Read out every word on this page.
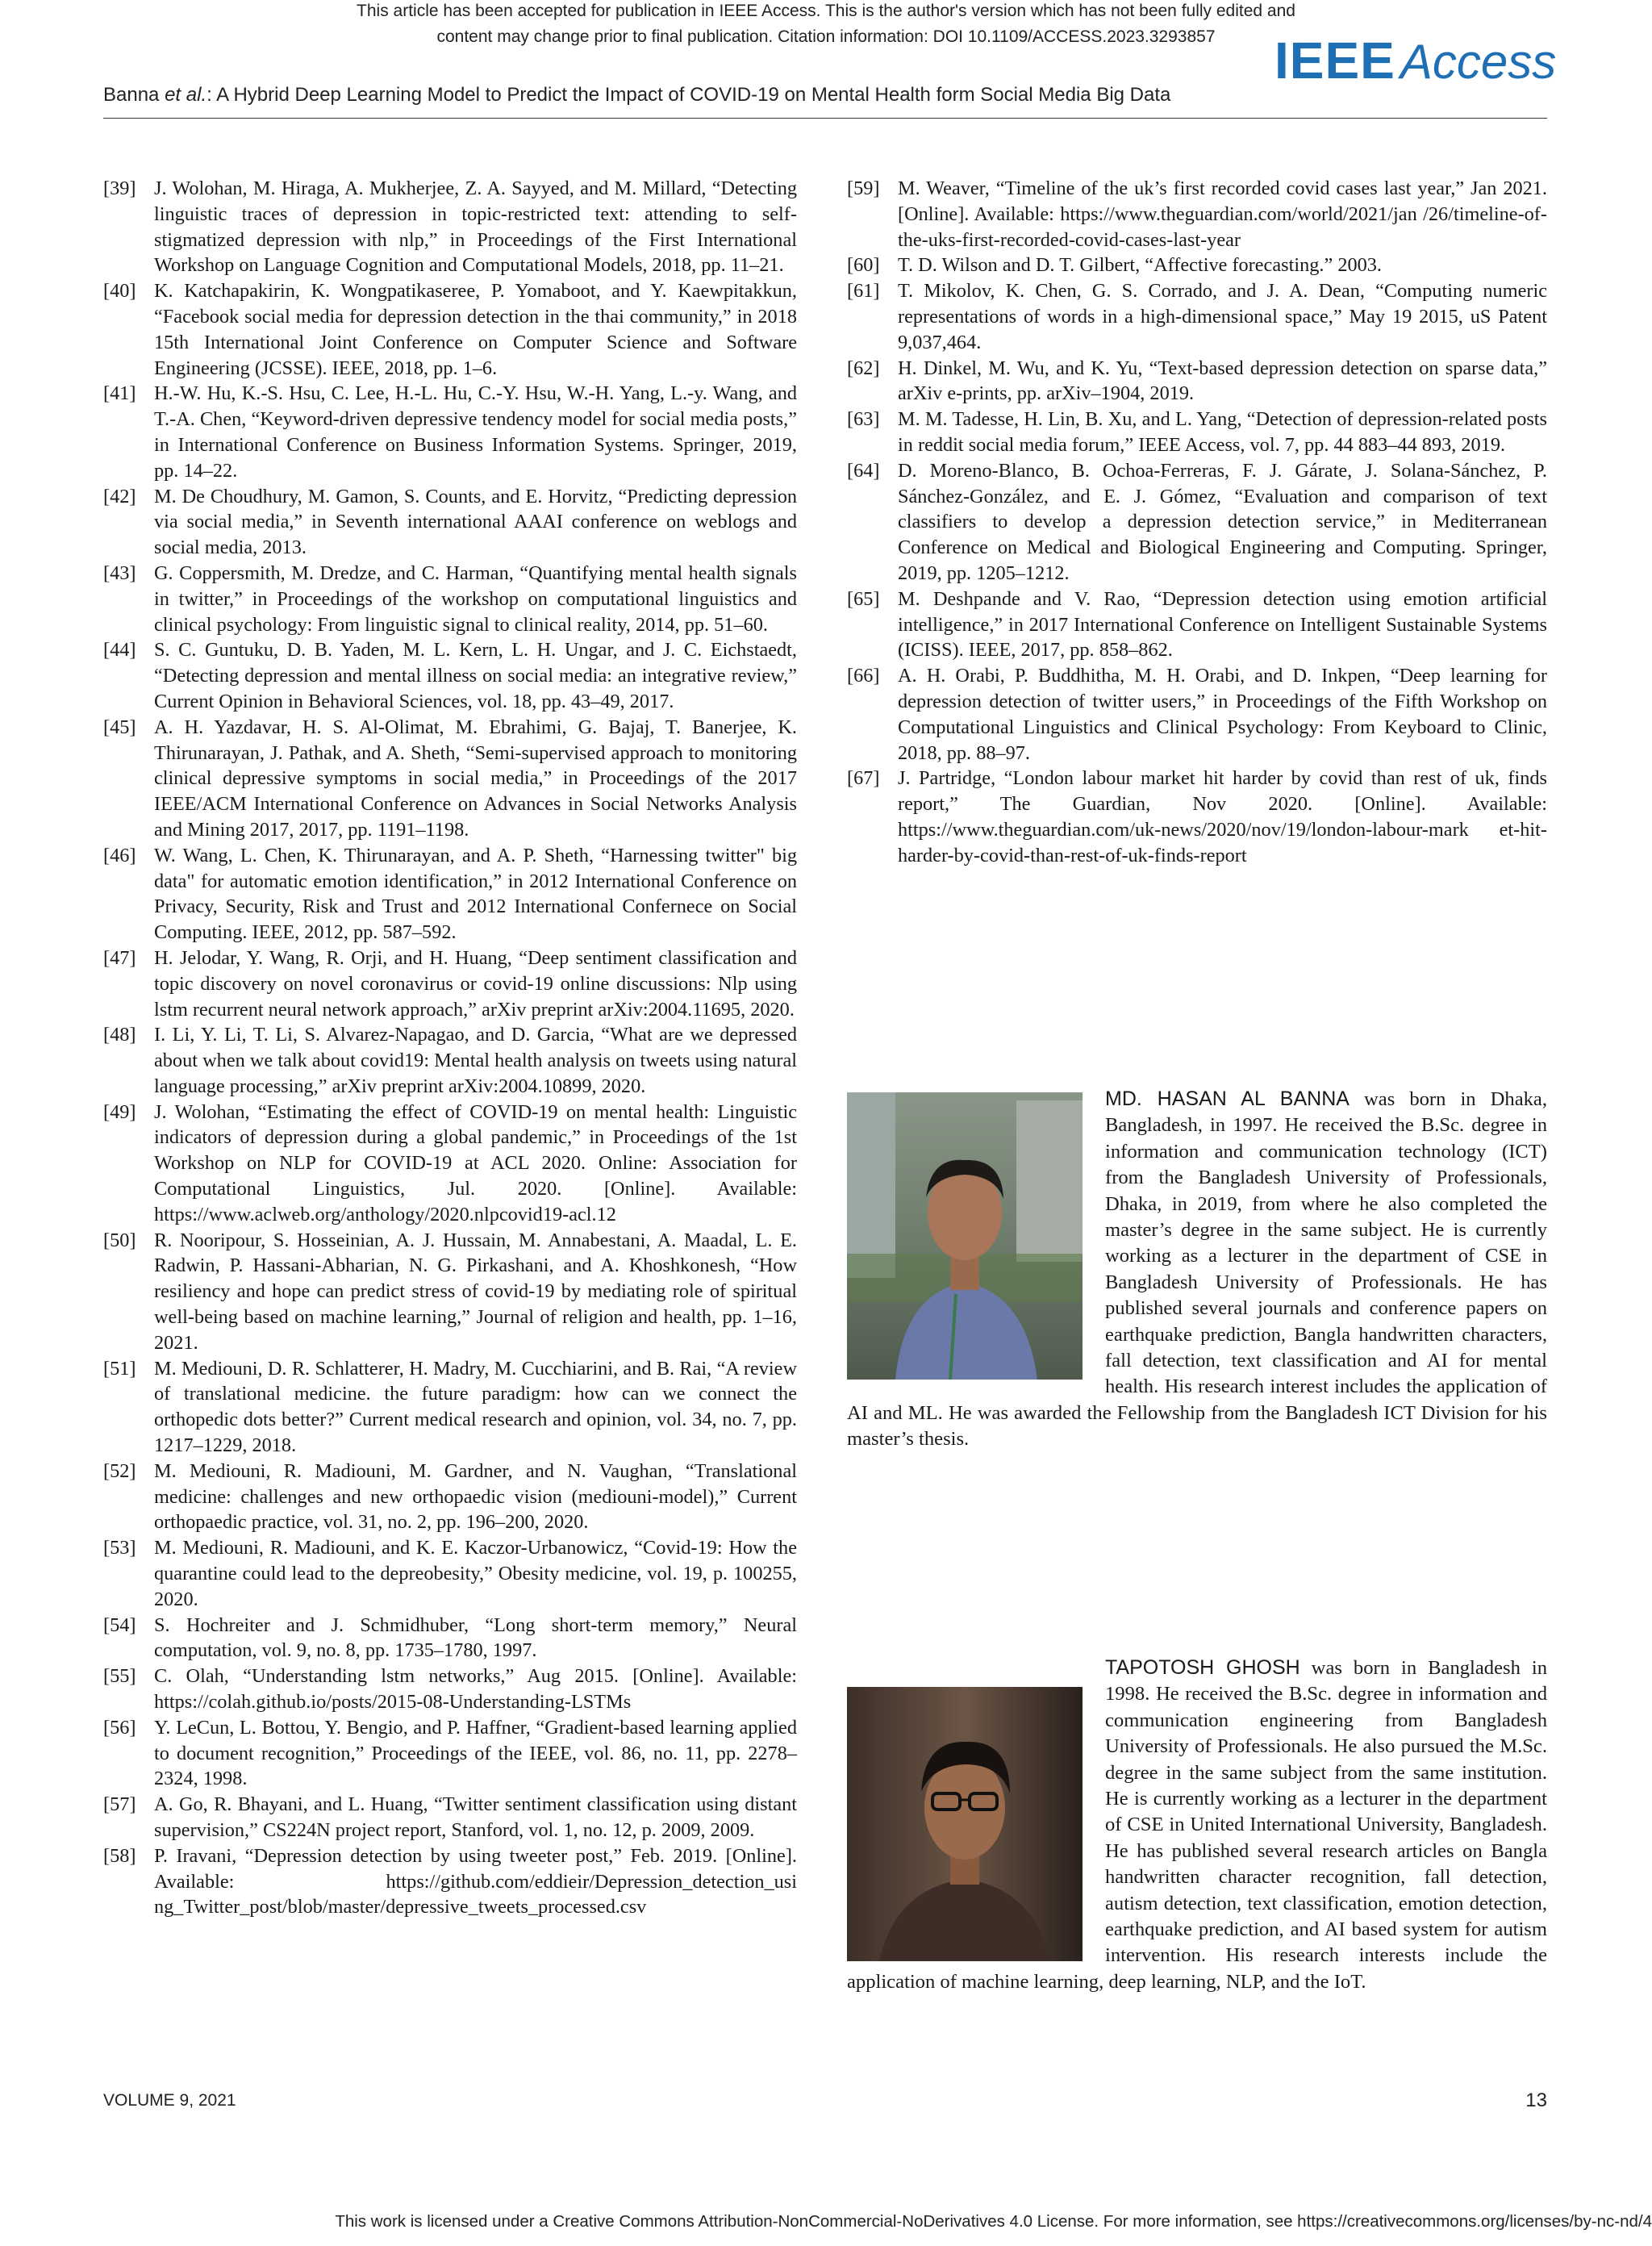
This article has been accepted for publication in IEEE Access. This is the author's version which has not been fully edited and
content may change prior to final publication. Citation information: DOI 10.1109/ACCESS.2023.3293857	IEEE Access
Banna et al.: A Hybrid Deep Learning Model to Predict the Impact of COVID-19 on Mental Health form Social Media Big Data
[39] J. Wolohan, M. Hiraga, A. Mukherjee, Z. A. Sayyed, and M. Millard, “Detecting linguistic traces of depression in topic-restricted text: attending to self-stigmatized depression with nlp,” in Proceedings of the First International Workshop on Language Cognition and Computational Models, 2018, pp. 11–21.
[40] K. Katchapakirin, K. Wongpatikaseree, P. Yomaboot, and Y. Kaewpitakkun, “Facebook social media for depression detection in the thai community,” in 2018 15th International Joint Conference on Computer Science and Software Engineering (JCSSE). IEEE, 2018, pp. 1–6.
[41] H.-W. Hu, K.-S. Hsu, C. Lee, H.-L. Hu, C.-Y. Hsu, W.-H. Yang, L.-y. Wang, and T.-A. Chen, “Keyword-driven depressive tendency model for social media posts,” in International Conference on Business Information Systems. Springer, 2019, pp. 14–22.
[42] M. De Choudhury, M. Gamon, S. Counts, and E. Horvitz, “Predicting depression via social media,” in Seventh international AAAI conference on weblogs and social media, 2013.
[43] G. Coppersmith, M. Dredze, and C. Harman, “Quantifying mental health signals in twitter,” in Proceedings of the workshop on computational linguistics and clinical psychology: From linguistic signal to clinical reality, 2014, pp. 51–60.
[44] S. C. Guntuku, D. B. Yaden, M. L. Kern, L. H. Ungar, and J. C. Eichstaedt, “Detecting depression and mental illness on social media: an integrative review,” Current Opinion in Behavioral Sciences, vol. 18, pp. 43–49, 2017.
[45] A. H. Yazdavar, H. S. Al-Olimat, M. Ebrahimi, G. Bajaj, T. Banerjee, K. Thirunarayan, J. Pathak, and A. Sheth, “Semi-supervised approach to monitoring clinical depressive symptoms in social media,” in Proceedings of the 2017 IEEE/ACM International Conference on Advances in Social Networks Analysis and Mining 2017, 2017, pp. 1191–1198.
[46] W. Wang, L. Chen, K. Thirunarayan, and A. P. Sheth, “Harnessing twitter" big data" for automatic emotion identification,” in 2012 International Conference on Privacy, Security, Risk and Trust and 2012 International Confernece on Social Computing. IEEE, 2012, pp. 587–592.
[47] H. Jelodar, Y. Wang, R. Orji, and H. Huang, “Deep sentiment classification and topic discovery on novel coronavirus or covid-19 online discussions: Nlp using lstm recurrent neural network approach,” arXiv preprint arXiv:2004.11695, 2020.
[48] I. Li, Y. Li, T. Li, S. Alvarez-Napagao, and D. Garcia, “What are we depressed about when we talk about covid19: Mental health analysis on tweets using natural language processing,” arXiv preprint arXiv:2004.10899, 2020.
[49] J. Wolohan, “Estimating the effect of COVID-19 on mental health: Linguistic indicators of depression during a global pandemic,” in Proceedings of the 1st Workshop on NLP for COVID-19 at ACL 2020. Online: Association for Computational Linguistics, Jul. 2020. [Online]. Available: https://www.aclweb.org/anthology/2020.nlpcovid19-acl.12
[50] R. Nooripour, S. Hosseinian, A. J. Hussain, M. Annabestani, A. Maadal, L. E. Radwin, P. Hassani-Abharian, N. G. Pirkashani, and A. Khoshkonesh, “How resiliency and hope can predict stress of covid-19 by mediating role of spiritual well-being based on machine learning,” Journal of religion and health, pp. 1–16, 2021.
[51] M. Mediouni, D. R. Schlatterer, H. Madry, M. Cucchiarini, and B. Rai, “A review of translational medicine. the future paradigm: how can we connect the orthopedic dots better?” Current medical research and opinion, vol. 34, no. 7, pp. 1217–1229, 2018.
[52] M. Mediouni, R. Madiouni, M. Gardner, and N. Vaughan, “Translational medicine: challenges and new orthopaedic vision (mediouni-model),” Current orthopaedic practice, vol. 31, no. 2, pp. 196–200, 2020.
[53] M. Mediouni, R. Madiouni, and K. E. Kaczor-Urbanowicz, “Covid-19: How the quarantine could lead to the depreobesity,” Obesity medicine, vol. 19, p. 100255, 2020.
[54] S. Hochreiter and J. Schmidhuber, “Long short-term memory,” Neural computation, vol. 9, no. 8, pp. 1735–1780, 1997.
[55] C. Olah, “Understanding lstm networks,” Aug 2015. [Online]. Available: https://colah.github.io/posts/2015-08-Understanding-LSTMs
[56] Y. LeCun, L. Bottou, Y. Bengio, and P. Haffner, “Gradient-based learning applied to document recognition,” Proceedings of the IEEE, vol. 86, no. 11, pp. 2278–2324, 1998.
[57] A. Go, R. Bhayani, and L. Huang, “Twitter sentiment classification using distant supervision,” CS224N project report, Stanford, vol. 1, no. 12, p. 2009, 2009.
[58] P. Iravani, “Depression detection by using tweeter post,” Feb. 2019. [Online]. Available: https://github.com/eddieir/Depression_detection_usi ng_Twitter_post/blob/master/depressive_tweets_processed.csv
[59] M. Weaver, “Timeline of the uk’s first recorded covid cases last year,” Jan 2021. [Online]. Available: https://www.theguardian.com/world/2021/jan /26/timeline-of-the-uks-first-recorded-covid-cases-last-year
[60] T. D. Wilson and D. T. Gilbert, “Affective forecasting.” 2003.
[61] T. Mikolov, K. Chen, G. S. Corrado, and J. A. Dean, “Computing numeric representations of words in a high-dimensional space,” May 19 2015, uS Patent 9,037,464.
[62] H. Dinkel, M. Wu, and K. Yu, “Text-based depression detection on sparse data,” arXiv e-prints, pp. arXiv–1904, 2019.
[63] M. M. Tadesse, H. Lin, B. Xu, and L. Yang, “Detection of depression-related posts in reddit social media forum,” IEEE Access, vol. 7, pp. 44 883–44 893, 2019.
[64] D. Moreno-Blanco, B. Ochoa-Ferreras, F. J. Gárate, J. Solana-Sánchez, P. Sánchez-González, and E. J. Gómez, “Evaluation and comparison of text classifiers to develop a depression detection service,” in Mediterranean Conference on Medical and Biological Engineering and Computing. Springer, 2019, pp. 1205–1212.
[65] M. Deshpande and V. Rao, “Depression detection using emotion artificial intelligence,” in 2017 International Conference on Intelligent Sustainable Systems (ICISS). IEEE, 2017, pp. 858–862.
[66] A. H. Orabi, P. Buddhitha, M. H. Orabi, and D. Inkpen, “Deep learning for depression detection of twitter users,” in Proceedings of the Fifth Workshop on Computational Linguistics and Clinical Psychology: From Keyboard to Clinic, 2018, pp. 88–97.
[67] J. Partridge, “London labour market hit harder by covid than rest of uk, finds report,” The Guardian, Nov 2020. [Online]. Available: https://www.theguardian.com/uk-news/2020/nov/19/london-labour-mark et-hit-harder-by-covid-than-rest-of-uk-finds-report
MD. HASAN AL BANNA was born in Dhaka, Bangladesh, in 1997. He received the B.Sc. degree in information and communication technology (ICT) from the Bangladesh University of Professionals, Dhaka, in 2019, from where he also completed the master’s degree in the same subject. He is currently working as a lecturer in the department of CSE in Bangladesh University of Professionals. He has published several journals and conference papers on earthquake prediction, Bangla handwritten characters, fall detection, text classification and AI for mental health. His research interest includes the application of AI and ML. He was awarded the Fellowship from the Bangladesh ICT Division for his master’s thesis.
TAPOTOSH GHOSH was born in Bangladesh in 1998. He received the B.Sc. degree in information and communication engineering from Bangladesh University of Professionals. He also pursued the M.Sc. degree in the same subject from the same institution. He is currently working as a lecturer in the department of CSE in United International University, Bangladesh. He has published several research articles on Bangla handwritten character recognition, fall detection, autism detection, text classification, emotion detection, earthquake prediction, and AI based system for autism intervention. His research interests include the application of machine learning, deep learning, NLP, and the IoT.
VOLUME 9, 2021	13
This work is licensed under a Creative Commons Attribution-NonCommercial-NoDerivatives 4.0 License. For more information, see https://creativecommons.org/licenses/by-nc-nd/4
